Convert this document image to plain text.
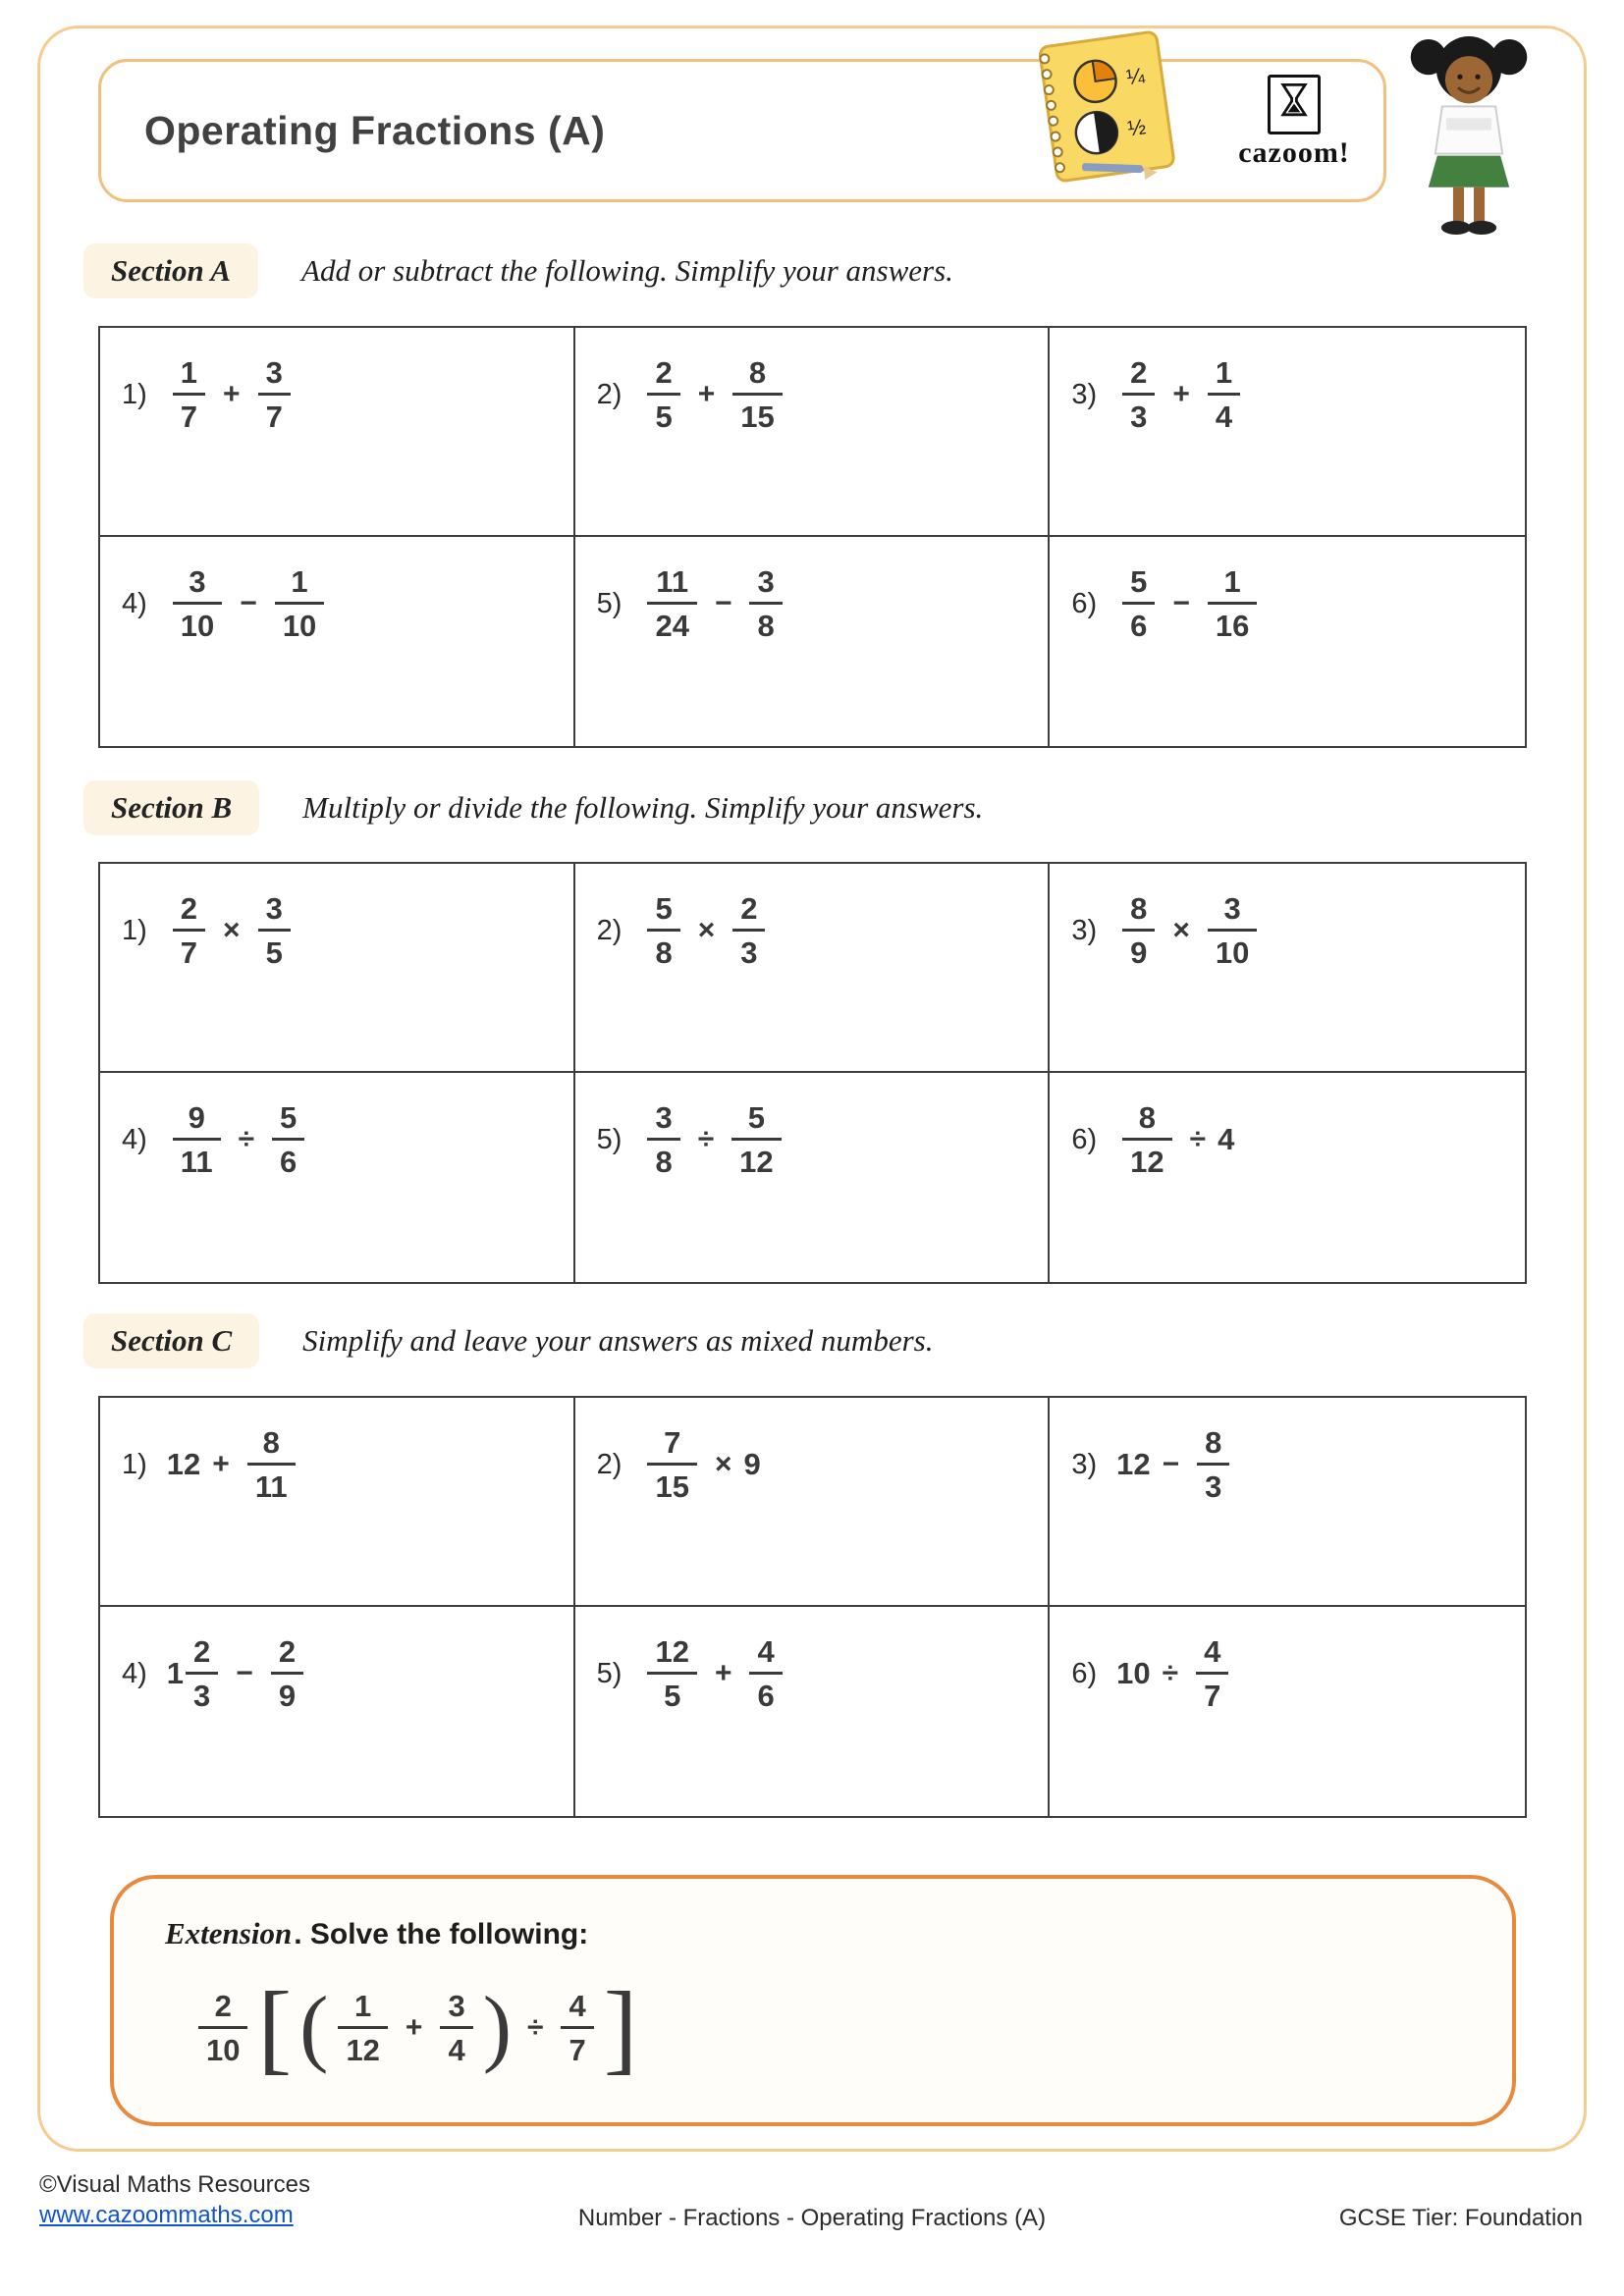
Operating Fractions (A)
¼
½
cazoom!
Section A	Add or subtract the following. Simplify your answers.
$1) \frac{1}{7} + \frac{3}{7}$	$2) \frac{2}{5} + \frac{8}{15}$	$3) \frac{2}{3} + \frac{1}{4}$
$4) \frac{3}{10} - \frac{1}{10}$	$5) \frac{11}{24} - \frac{3}{8}$	$6) \frac{5}{6} - \frac{1}{16}$
Section B	Multiply or divide the following. Simplify your answers.
$1) \frac{2}{7} \times \frac{3}{5}$	$2) \frac{5}{8} \times \frac{2}{3}$	$3) \frac{8}{9} \times \frac{3}{10}$
$4) \frac{9}{11} \div \frac{5}{6}$	$5) \frac{3}{8} \div \frac{5}{12}$	$6) \frac{8}{12} \div 4$
Section C	Simplify and leave your answers as mixed numbers.
1) $12 + \frac{8}{11}$	$2) \frac{7}{15} \times 9$	3) $12 - \frac{8}{3}$
4) $1 \frac{2}{3} - \frac{2}{9}$	$5) \frac{12}{5} + \frac{4}{6}$	6) $10 \div \frac{4}{7}$
Extension . Solve the following:
$\frac{2}{10}$ [ ( $\frac{1}{12} + \frac{3}{4}$ ) ÷ $\frac{4}{7}$ ]
©Visual Maths Resources
www.cazoommaths.com	Number - Fractions - Operating Fractions (A)	GCSE Tier: Foundation
